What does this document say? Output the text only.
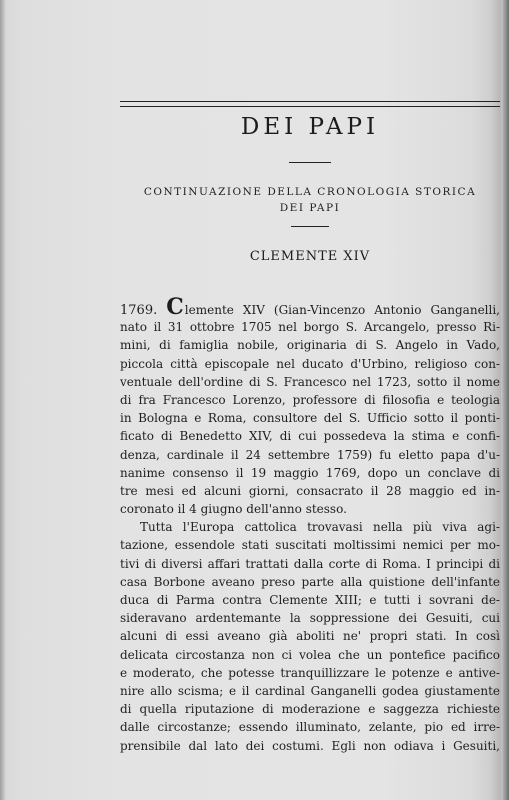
DEI PAPI
CONTINUAZIONE DELLA CRONOLOGIA STORICA
DEI PAPI
CLEMENTE XIV
1769. Clemente XIV (Gian-Vincenzo Antonio Ganganelli,
nato il 31 ottobre 1705 nel borgo S. Arcangelo, presso Ri-
mini, di famiglia nobile, originaria di S. Angelo in Vado,
piccola città episcopale nel ducato d'Urbino, religioso con-
ventuale dell'ordine di S. Francesco nel 1723, sotto il nome
di fra Francesco Lorenzo, professore di filosofia e teologia
in Bologna e Roma, consultore del S. Ufficio sotto il ponti-
ficato di Benedetto XIV, di cui possedeva la stima e confi-
denza, cardinale il 24 settembre 1759) fu eletto papa d'u-
nanime consenso il 19 maggio 1769, dopo un conclave di
tre mesi ed alcuni giorni, consacrato il 28 maggio ed in-
coronato il 4 giugno dell'anno stesso.
Tutta l'Europa cattolica trovavasi nella più viva agi-
tazione, essendole stati suscitati moltissimi nemici per mo-
tivi di diversi affari trattati dalla corte di Roma. I principi di
casa Borbone aveano preso parte alla quistione dell'infante
duca di Parma contra Clemente XIII; e tutti i sovrani de-
sideravano ardentemante la soppressione dei Gesuiti, cui
alcuni di essi aveano già aboliti ne' propri stati. In così
delicata circostanza non ci volea che un pontefice pacifico
e moderato, che potesse tranquillizzare le potenze e antive-
nire allo scisma; e il cardinal Ganganelli godea giustamente
di quella riputazione di moderazione e saggezza richieste
dalle circostanze; essendo illuminato, zelante, pio ed irre-
prensibile dal lato dei costumi. Egli non odiava i Gesuiti,
